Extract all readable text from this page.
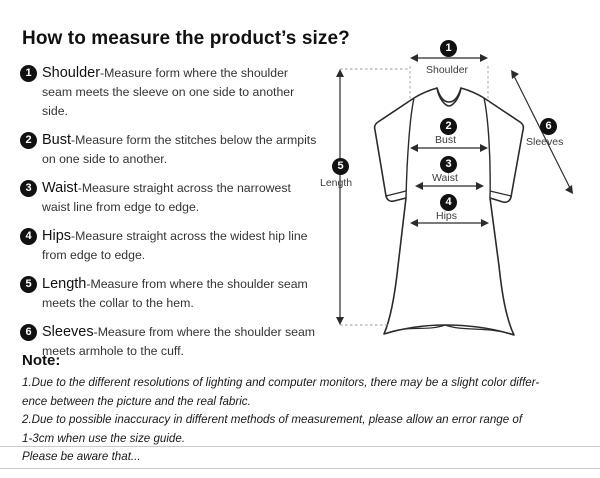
How to measure the product’s size?
1 Shoulder-Measure form where the shoulder seam meets the sleeve on one side to another side.
2 Bust-Measure form the stitches below the armpits on one side to another.
3 Waist-Measure straight across the narrowest waist line from edge to edge.
4 Hips-Measure straight across the widest hip line from edge to edge.
5 Length-Measure from where the shoulder seam meets the collar to the hem.
6 Sleeves-Measure from where the shoulder seam meets armhole to the cuff.
1
Shoulder
2
Bust
3
Waist
4
Hips
5
Length
6
Sleeves
Note:
1.Due to the different resolutions of lighting and computer monitors, there may be a slight color differ-
ence between the picture and the real fabric.
2.Due to possible inaccuracy in different methods of measurement, please allow an error range of
1-3cm when use the size guide.
Please be aware that...
